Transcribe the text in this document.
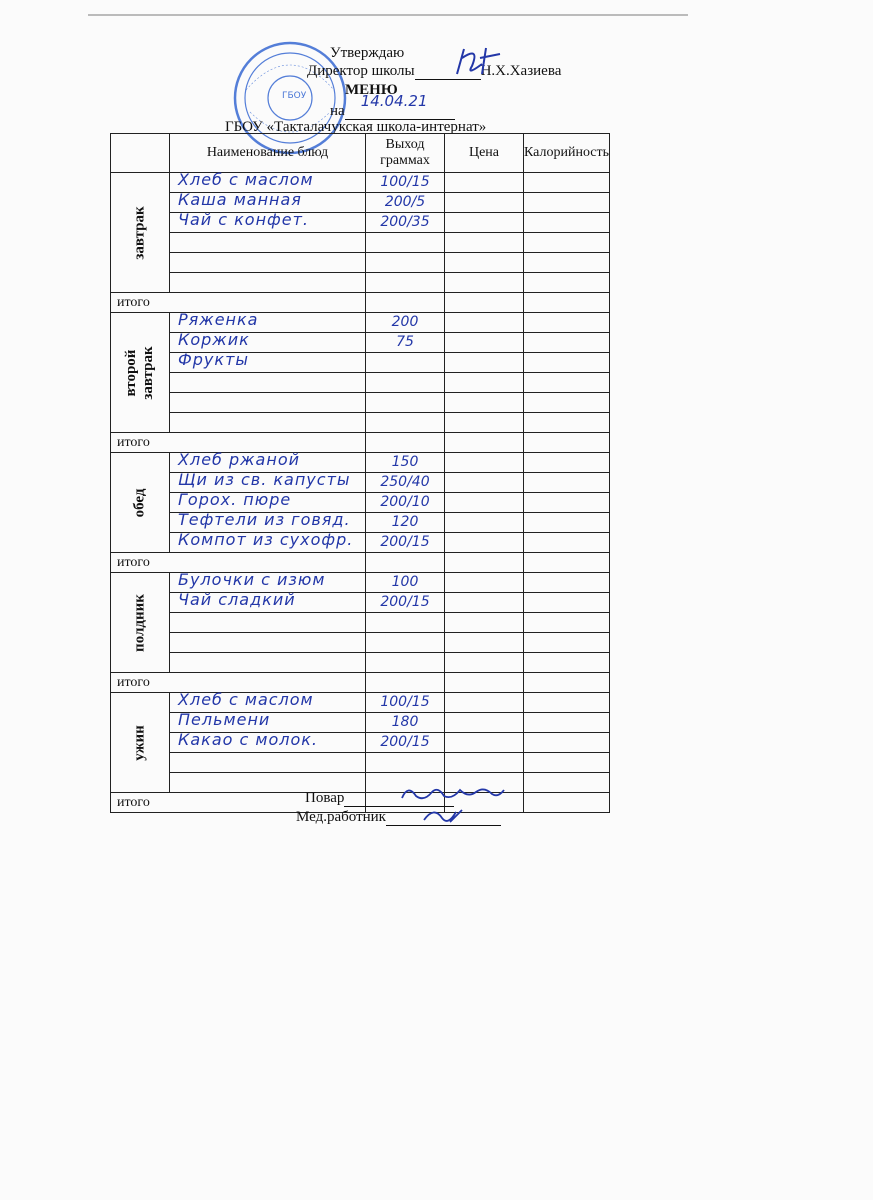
ГБОУ
Утверждаю
Директор школы	Н.Х.Хазиева
МЕНЮ
на
14.04.21

ГБОУ «Такталачукская школа-интернат»
	Наименование блюд	Выход граммах	Цена	Калорийность

завтрак	Хлеб с маслом	100/15		

	Каша манная	200/5		

	Чай с конфет.	200/35		

итого				

второй завтрак	Ряженка	200		

	Коржик	75		

	Фрукты			

итого				

обед	Хлеб ржаной	150		

	Щи из св. капусты	250/40		

	Горох. пюре	200/10		

	Тефтели из говяд.	120		

	Компот из сухофр.	200/15		
итого				

полдник	Булочки с изюм	100		

	Чай сладкий	200/15		

итого				

ужин	Хлеб с маслом	100/15		

	Пельмени	180		

	Какао с молок.	200/15		

итого					Повар
Мед.работник
